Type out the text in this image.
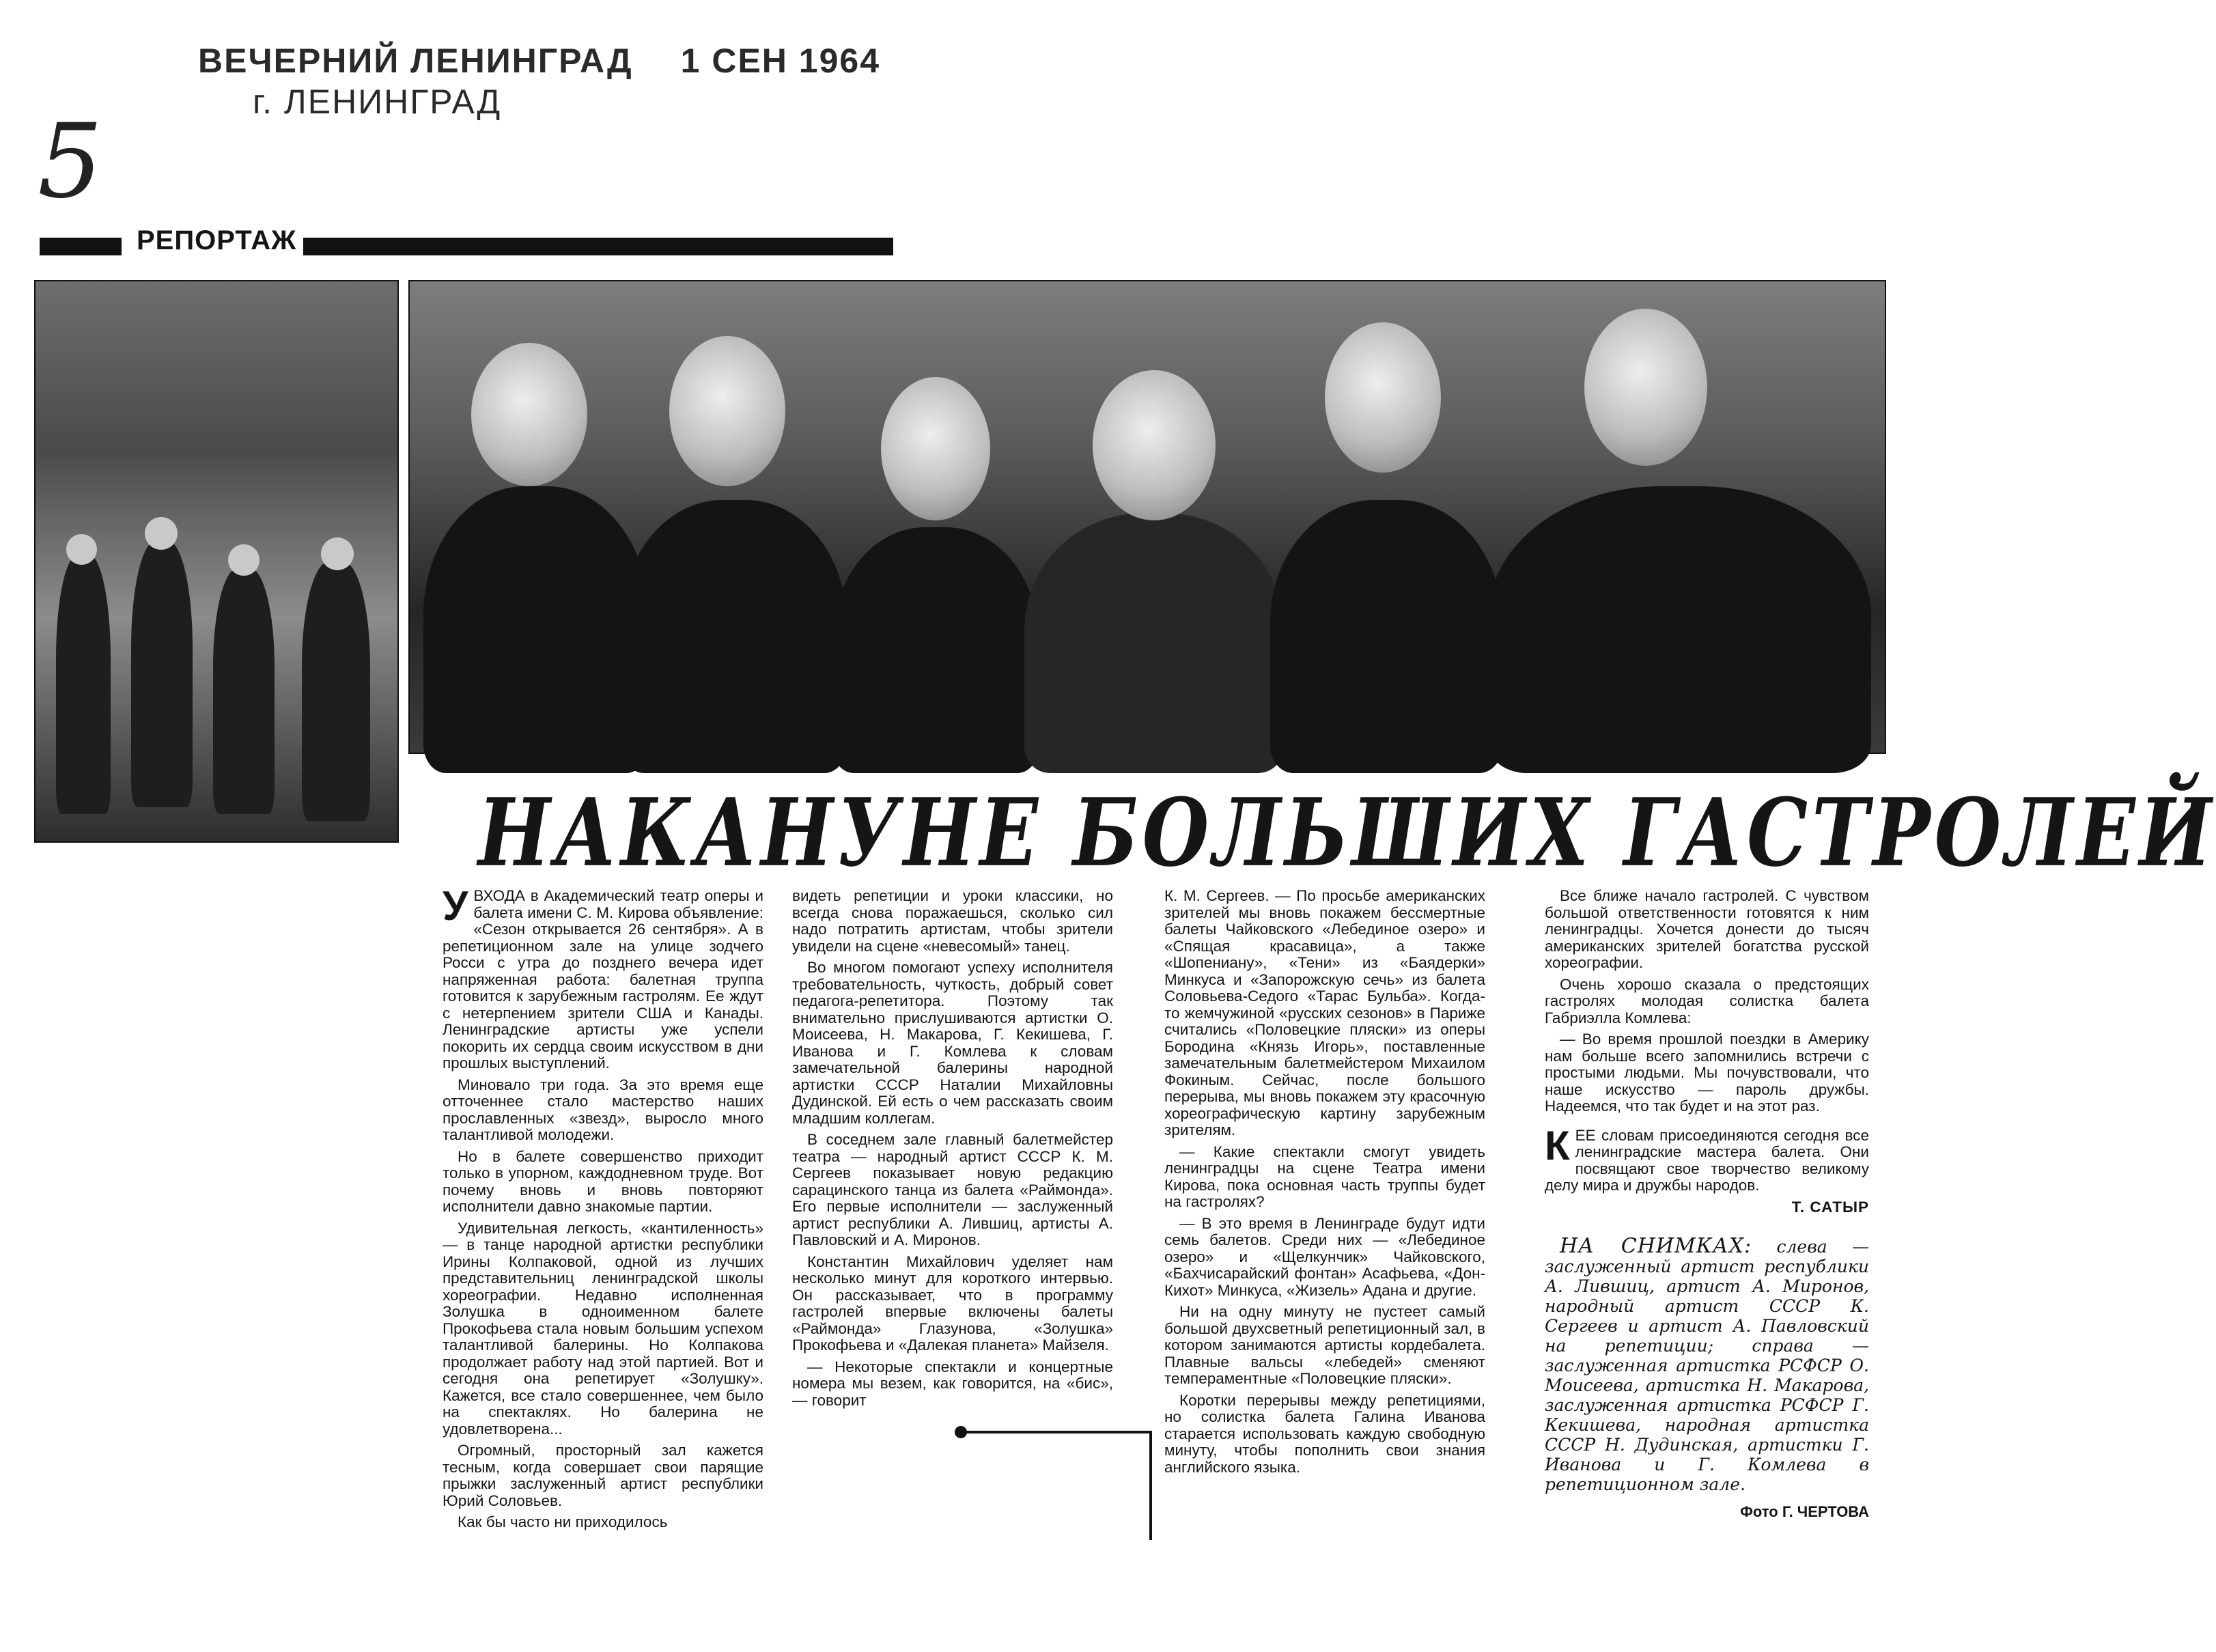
ВЕЧЕРНИЙ ЛЕНИНГРАД 1 СЕН 1964
г. ЛЕНИНГРАД
5
РЕПОРТАЖ
НАКАНУНЕ БОЛЬШИХ ГАСТРОЛЕЙ

УВХОДА в Академический театр оперы и балета имени С. М. Кирова объявление: «Сезон открывается 26 сентября». А в репетиционном зале на улице зодчего Росси с утра до позднего вечера идет напряженная работа: балетная труппа готовится к зарубежным гастролям. Ее ждут с нетерпением зрители США и Канады. Ленинградские артисты уже успели покорить их сердца своим искусством в дни прошлых выступлений.

Миновало три года. За это время еще отточеннее стало мастерство наших прославленных «звезд», выросло много талантливой молодежи.

Но в балете совершенство приходит только в упорном, каждодневном труде. Вот почему вновь и вновь повторяют исполнители давно знакомые партии.

Удивительная легкость, «кантиленность» — в танце народной артистки республики Ирины Колпаковой, одной из лучших представительниц ленинградской школы хореографии. Недавно исполненная Золушка в одноименном балете Прокофьева стала новым большим успехом талантливой балерины. Но Колпакова продолжает работу над этой партией. Вот и сегодня она репетирует «Золушку». Кажется, все стало совершеннее, чем было на спектаклях. Но балерина не удовлетворена...

Огромный, просторный зал кажется тесным, когда совершает свои парящие прыжки заслуженный артист республики Юрий Соловьев.

Как бы часто ни приходилось

видеть репетиции и уроки классики, но всегда снова поражаешься, сколько сил надо потратить артистам, чтобы зрители увидели на сцене «невесомый» танец.

Во многом помогают успеху исполнителя требовательность, чуткость, добрый совет педагога-репетитора. Поэтому так внимательно прислушиваются артистки О. Моисеева, Н. Макарова, Г. Кекишева, Г. Иванова и Г. Комлева к словам замечательной балерины народной артистки СССР Наталии Михайловны Дудинской. Ей есть о чем рассказать своим младшим коллегам.

В соседнем зале главный балетмейстер театра — народный артист СССР К. М. Сергеев показывает новую редакцию сарацинского танца из балета «Раймонда». Его первые исполнители — заслуженный артист республики А. Лившиц, артисты А. Павловский и А. Миронов.

Константин Михайлович уделяет нам несколько минут для короткого интервью. Он рассказывает, что в программу гастролей впервые включены балеты «Раймонда» Глазунова, «Золушка» Прокофьева и «Далекая планета» Майзеля.

— Некоторые спектакли и концертные номера мы везем, как говорится, на «бис», — говорит

К. М. Сергеев. — По просьбе американских зрителей мы вновь покажем бессмертные балеты Чайковского «Лебединое озеро» и «Спящая красавица», а также «Шопениану», «Тени» из «Баядерки» Минкуса и «Запорожскую сечь» из балета Соловьева-Седого «Тарас Бульба». Когда-то жемчужиной «русских сезонов» в Париже считались «Половецкие пляски» из оперы Бородина «Князь Игорь», поставленные замечательным балетмейстером Михаилом Фокиным. Сейчас, после большого перерыва, мы вновь покажем эту красочную хореографическую картину зарубежным зрителям.

— Какие спектакли смогут увидеть ленинградцы на сцене Театра имени Кирова, пока основная часть труппы будет на гастролях?

— В это время в Ленинграде будут идти семь балетов. Среди них — «Лебединое озеро» и «Щелкунчик» Чайковского, «Бахчисарайский фонтан» Асафьева, «Дон-Кихот» Минкуса, «Жизель» Адана и другие.

Ни на одну минуту не пустеет самый большой двухсветный репетиционный зал, в котором занимаются артисты кордебалета. Плавные вальсы «лебедей» сменяют темпераментные «Половецкие пляски».

Коротки перерывы между репетициями, но солистка балета Галина Иванова старается использовать каждую свободную минуту, чтобы пополнить свои знания английского языка.

Все ближе начало гастролей. С чувством большой ответственности готовятся к ним ленинградцы. Хочется донести до тысяч американских зрителей богатства русской хореографии.

Очень хорошо сказала о предстоящих гастролях молодая солистка балета Габриэлла Комлева:

— Во время прошлой поездки в Америку нам больше всего запомнились встречи с простыми людьми. Мы почувствовали, что наше искусство — пароль дружбы. Надеемся, что так будет и на этот раз.

КЕЕ словам присоединяются сегодня все ленинградские мастера балета. Они посвящают свое творчество великому делу мира и дружбы народов.

Т. САТЫР

НА СНИМКАХ: слева — заслуженный артист республики А. Лившиц, артист А. Миронов, народный артист СССР К. Сергеев и артист А. Павловский на репетиции; справа — заслуженная артистка РСФСР О. Моисеева, артистка Н. Макарова, заслуженная артистка РСФСР Г. Кекишева, народная артистка СССР Н. Дудинская, артистки Г. Иванова и Г. Комлева в репетиционном зале.

Фото Г. ЧЕРТОВА
